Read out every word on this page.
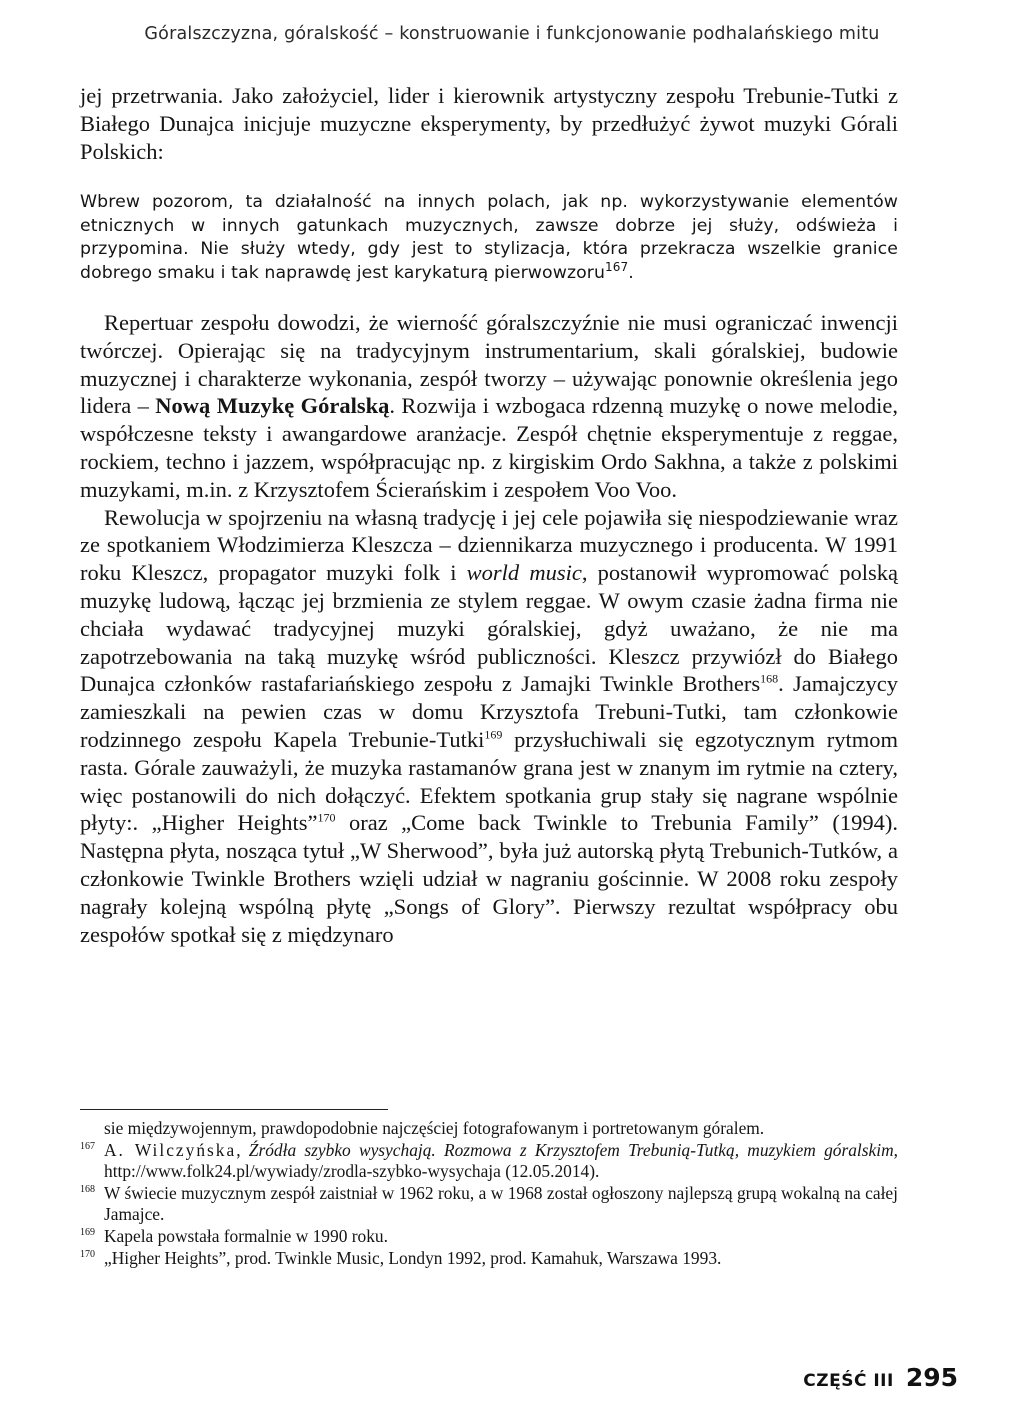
Góralszczyzna, góralskość – konstruowanie i funkcjonowanie podhalańskiego mitu

jej przetrwania. Jako założyciel, lider i kierownik artystyczny zespołu Trebunie-Tutki z Białego Dunajca inicjuje muzyczne eksperymenty, by przedłużyć żywot muzyki Górali Polskich:

Wbrew pozorom, ta działalność na innych polach, jak np. wykorzystywanie elementów etnicznych w innych gatunkach muzycznych, zawsze dobrze jej służy, odświeża i przypomina. Nie służy wtedy, gdy jest to stylizacja, która przekracza wszelkie granice dobrego smaku i tak naprawdę jest karykaturą pierwowzoru$^{167}$.

Repertuar zespołu dowodzi, że wierność góralszczyźnie nie musi ograniczać inwencji twórczej. Opierając się na tradycyjnym instrumentarium, skali góralskiej, budowie muzycznej i charakterze wykonania, zespół tworzy – używając ponownie określenia jego lidera – Nową Muzykę Góralską. Rozwija i wzbogaca rdzenną muzykę o nowe melodie, współczesne teksty i awangardowe aranżacje. Zespół chętnie eksperymentuje z reggae, rockiem, techno i jazzem, współpracując np. z kirgiskim Ordo Sakhna, a także z polskimi muzykami, m.in. z Krzysztofem Ścierańskim i zespołem Voo Voo.

Rewolucja w spojrzeniu na własną tradycję i jej cele pojawiła się niespodziewanie wraz ze spotkaniem Włodzimierza Kleszcza – dziennikarza muzycznego i producenta. W 1991 roku Kleszcz, propagator muzyki folk i world music, postanowił wypromować polską muzykę ludową, łącząc jej brzmienia ze stylem reggae. W owym czasie żadna firma nie chciała wydawać tradycyjnej muzyki góralskiej, gdyż uważano, że nie ma zapotrzebowania na taką muzykę wśród publiczności. Kleszcz przywiózł do Białego Dunajca członków rastafariańskiego zespołu z Jamajki Twinkle Brothers$^{168}$. Jamajczycy zamieszkali na pewien czas w domu Krzysztofa Trebuni-Tutki, tam członkowie rodzinnego zespołu Kapela Trebunie-Tutki$^{169}$ przysłuchiwali się egzotycznym rytmom rasta. Górale zauważyli, że muzyka rastamanów grana jest w znanym im rytmie na cztery, więc postanowili do nich dołączyć. Efektem spotkania grup stały się nagrane wspólnie płyty:. „Higher Heights”$^{170}$ oraz „Come back Twinkle to Trebunia Family” (1994). Następna płyta, nosząca tytuł „W Sherwood”, była już autorską płytą Trebunich-Tutków, a członkowie Twinkle Brothers wzięli udział w nagraniu gościnnie. W 2008 roku zespoły nagrały kolejną wspólną płytę „Songs of Glory”. Pierwszy rezultat współpracy obu zespołów spotkał się z międzynaro

sie międzywojennym, prawdopodobnie najczęściej fotografowanym i portretowanym góralem.

167 A. Wilczyńska, Źródła szybko wysychają. Rozmowa z Krzysztofem Trebunią-Tutką, muzykiem góralskim, http://www.folk24.pl/wywiady/zrodla-szybko-wysychaja (12.05.2014).

168 W świecie muzycznym zespół zaistniał w 1962 roku, a w 1968 został ogłoszony najlepszą grupą wokalną na całej Jamajce.

169 Kapela powstała formalnie w 1990 roku.

170 „Higher Heights”, prod. Twinkle Music, Londyn 1992, prod. Kamahuk, Warszawa 1993.

CZĘŚĆ III 295
